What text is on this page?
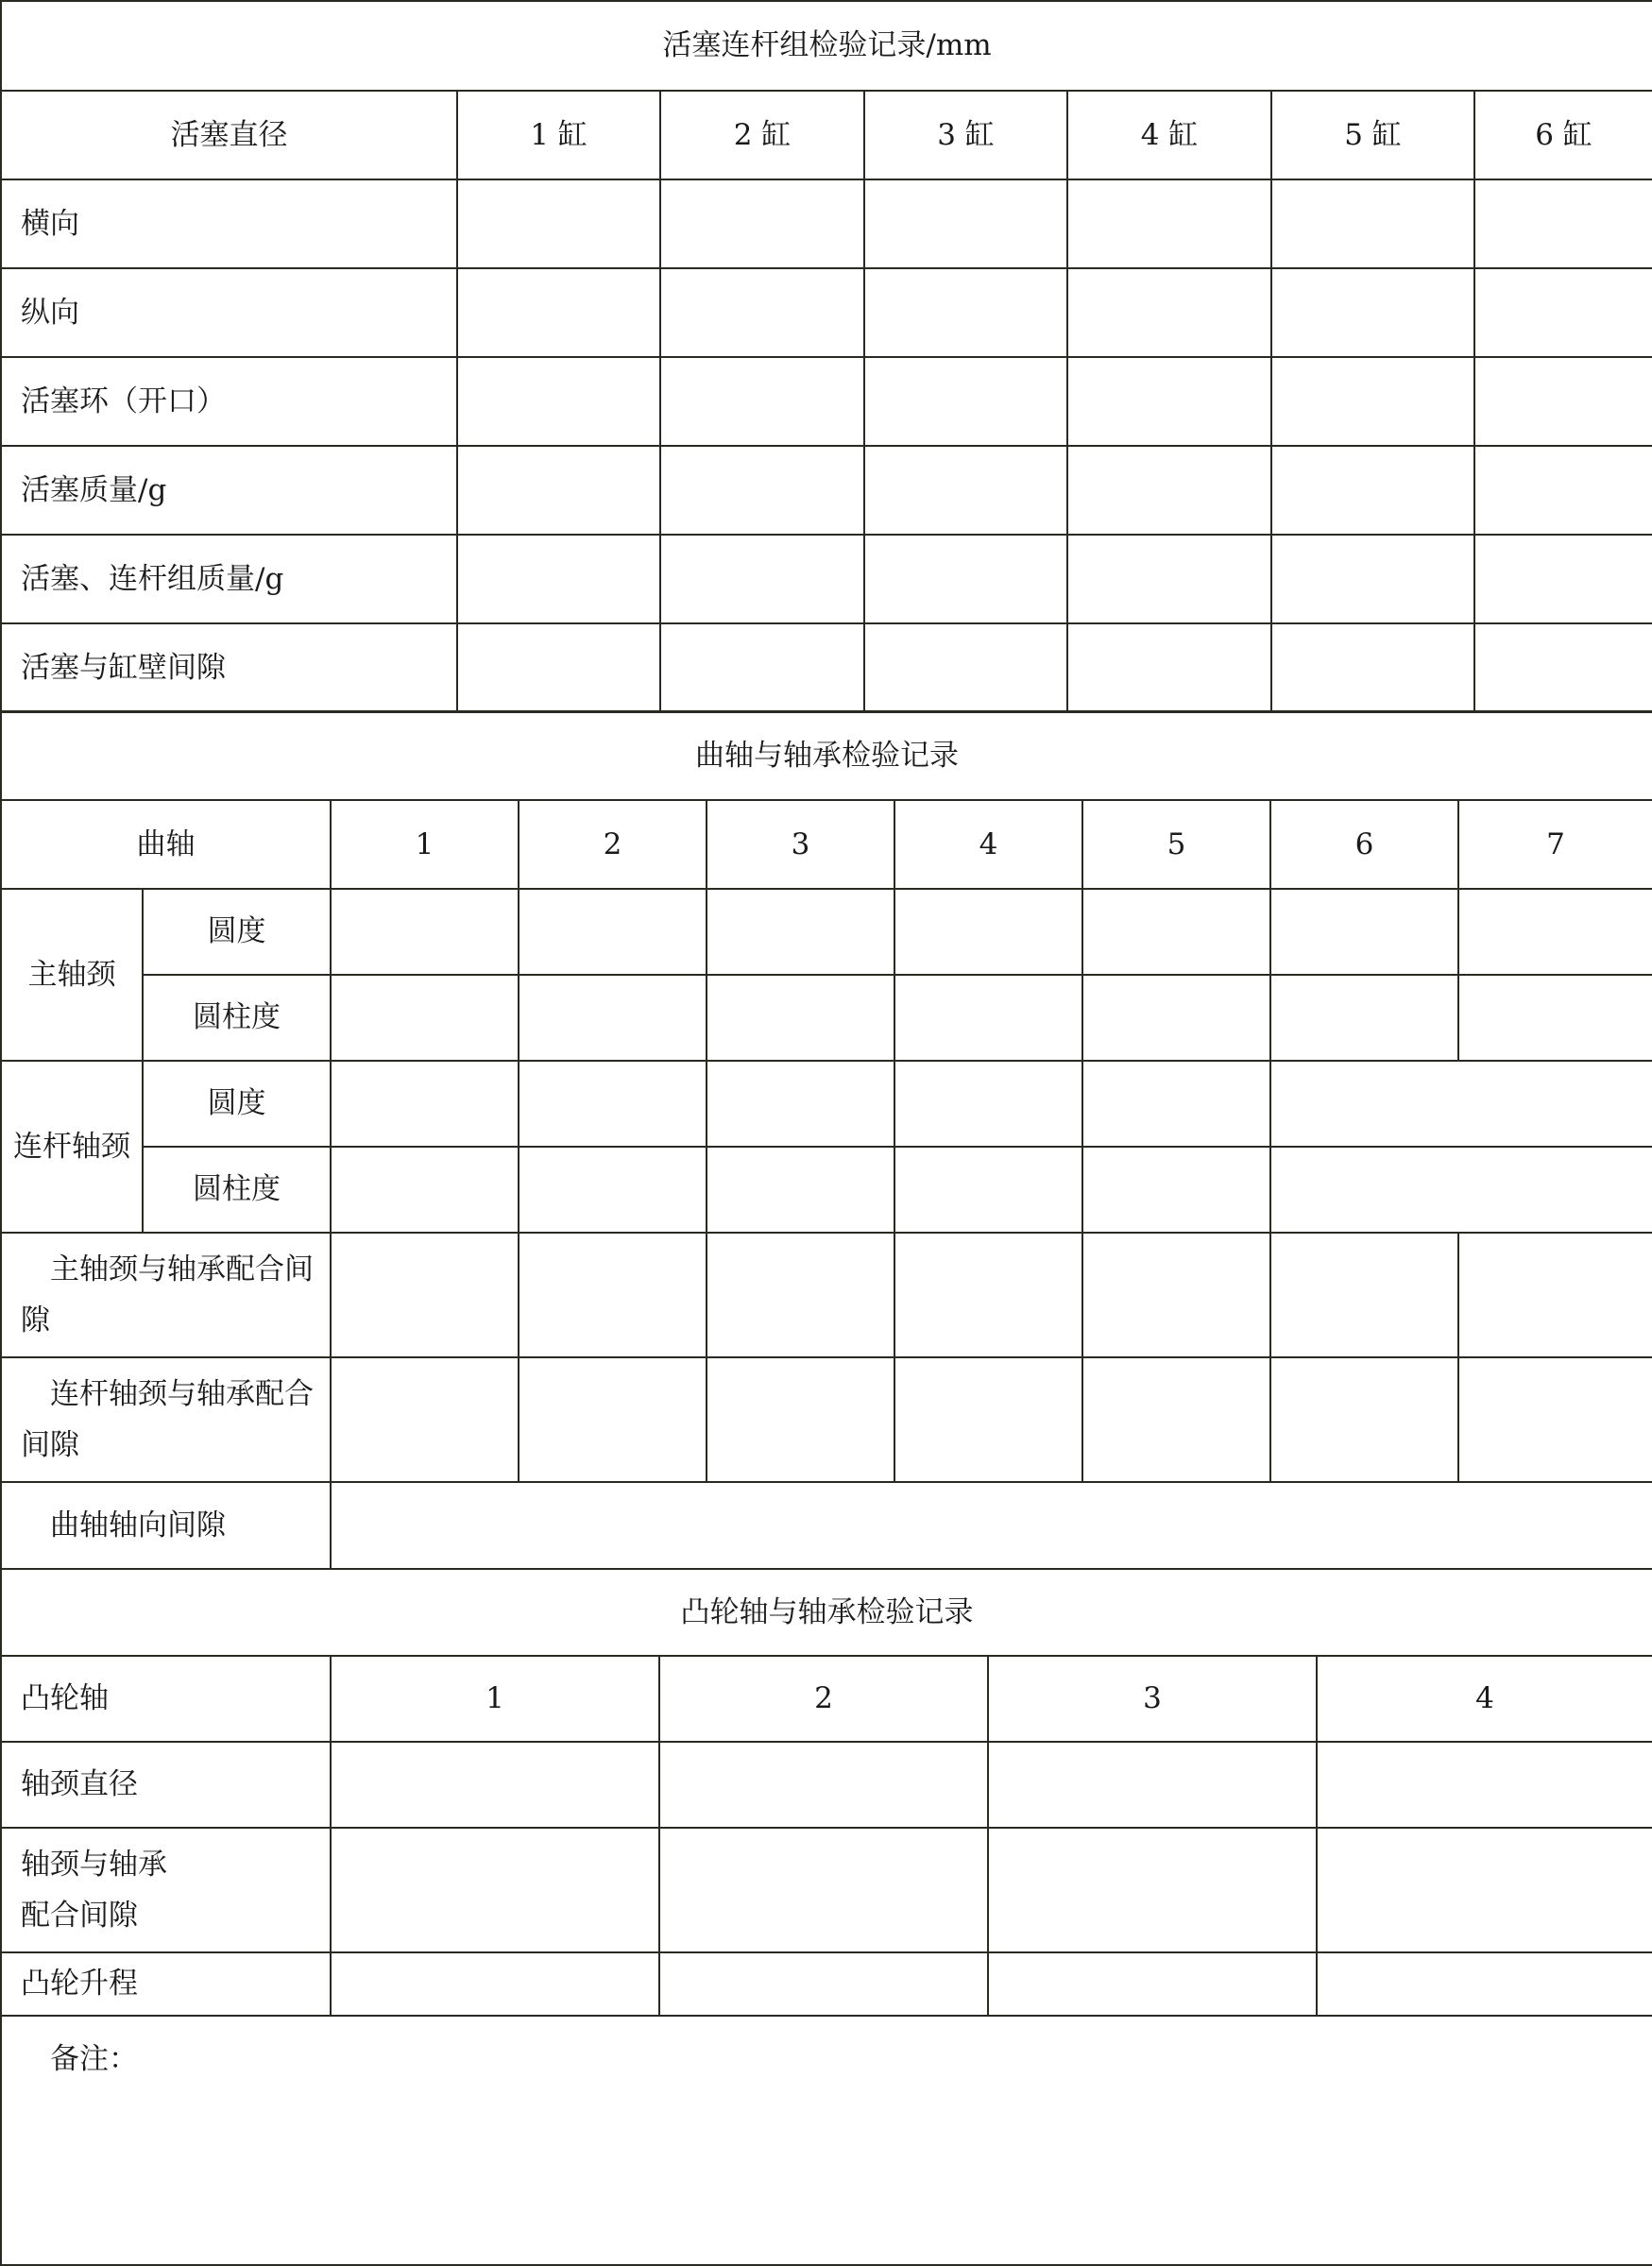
活塞连杆组检验记录/mm						
活塞直径	1 缸	2 缸	3 缸	4 缸	5 缸	6 缸
横向						
纵向						
活塞环（开口）						
活塞质量/g						
活塞、连杆组质量/g						
活塞与缸壁间隙						
曲轴与轴承检验记录								
曲轴		1	2	3	4	5	6	7
主轴颈	圆度							
	圆柱度							
连杆轴颈	圆度							
	圆柱度							
主轴颈与轴承配合间隙								
连杆轴颈与轴承配合间隙								
曲轴轴向间隙								
凸轮轴与轴承检验记录				
凸轮轴	1	2	3	4
轴颈直径				
轴颈与轴承
配合间隙				
凸轮升程				
备注：				
